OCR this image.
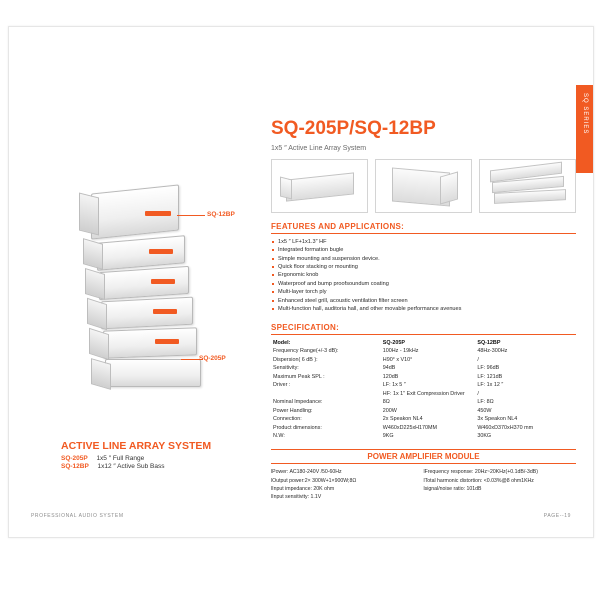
SQ SERIES
SQ-12BP
SQ-205P
ACTIVE LINE ARRAY SYSTEM
SQ-205P 1x5 ″ Full Range
SQ-12BP 1x12 ″ Active Sub Bass
SQ-205P/SQ-12BP
1x5 ″ Active Line Array System
FEATURES AND APPLICATIONS:
1x5 ″ LF+1x1.3″ HF
Integrated formation bugle
Simple mounting and suspension device.
Quick floor stacking or mounting
Ergonomic knob
Waterproof and bump proofsoundum coating
Multi-layer torch ply
Enhanced steel grill, acoustic ventilation filter screen
Multi-function hall, auditoria hall, and other movable performance avenues
SPECIFICATION:
Model:	SQ-205P	SQ-12BP
Frequency Range(+/-3 dB):	100Hz - 19kHz	48Hz-300Hz
Dispersion( 6 dB ):	H90° x V10°	/
Sensitivity:	94dB	LF: 96dB
Maximum Peak SPL :	120dB	LF: 121dB
Driver :	LF: 1x 5 ″	LF: 1x 12 ″
	HF: 1x 1″ Exit Compression Driver	/
Nominal Impedance:	8Ω	LF: 8Ω
Power Handling:	200W	450W
Connection:	2x Speakon NL4	3x Speakon NL4
Product dimensions:	W460xD225xH170MM	W460xD370xH370 mm
N.W:	9KG	30KG
POWER AMPLIFIER MODULE
lPower: AC180-240V /50-60Hz
lOutput power:2× 300W+1×900W;8Ω
lInput impedance: 20K ohm
lInput sensitivity: 1.1V
lFrequency response: 20Hz~20KHz(+0.1dB/-3dB)
lTotal harmonic distortion: <0.03%@8 ohm1KHz
lsignal/noise ratio: 101dB
PROFESSIONAL AUDIO SYSTEM	PAGE--19
